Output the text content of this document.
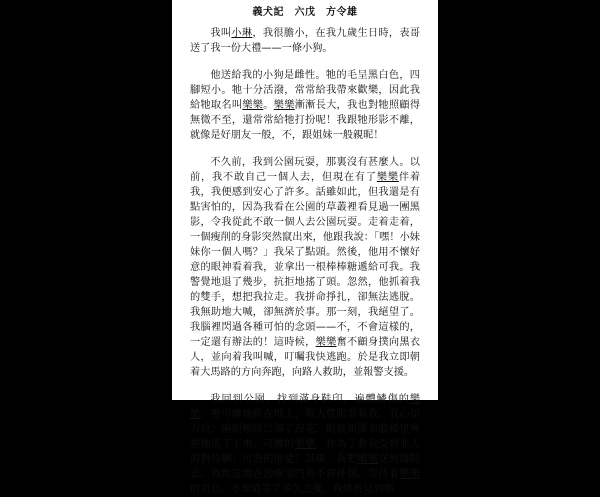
義犬記　六戊　方令雄

我叫小琳，我很膽小，在我九歲生日時，表哥送了我一份大禮——一條小狗。

他送給我的小狗是雌性。牠的毛呈黑白色，四腳短小。牠十分活潑，常常給我帶來歡樂，因此我給牠取名叫樂樂。樂樂漸漸長大，我也對牠照顧得無微不至，還常常給牠打扮呢！我跟牠形影不離，就像是好朋友一般，不，跟姐妹一般親昵！

不久前，我到公園玩耍，那裏沒有甚麼人。以前，我不敢自己一個人去，但現在有了樂樂伴着我，我便感到安心了許多。話雖如此，但我還是有點害怕的，因為我看在公園的草叢裡看見過一團黑影，令我從此不敢一個人去公園玩耍。走着走着，一個瘦削的身影突然竄出來，他跟我說：「嘿！小妹妹你一個人嗎？」我呆了點頭。然後，他用不懷好意的眼神看着我，並拿出一根棒棒糖遞給可我。我警覺地退了幾步，抗拒地搖了頭。忽然，他抓着我的雙手，想把我拉走。我拼命掙扎，卻無法逃脫。我無助地大喊，卻無濟於事。那一刻，我絕望了。我腦裡閃過各種可怕的念頭——不，不會這樣的，一定還有辦法的！這時候，樂樂奮不顧身撲向黑衣人，並向着我叫喊，叮囑我快逃跑。於是我立即朝着大馬路的方向奔跑，向路人救助，並報警支援。

我回到公園，找到滿身鞋印，遍體鱗傷的樂樂。牠可憐地趴在地上，瞪大雙眼看着我。我心如刀絞，兩眼頓時泛滿了淚花，眼淚如瀑布般稀里嘩啦地流了下來。可憐的樂樂，你為了救我受到非人的對待啊！可惡的匪徒！其後，我把樂樂送到醫院去。我焦急地在治療室門外不停徘徊，等待着樂樂的消息。不知道等了多久之後，我終於見到那
